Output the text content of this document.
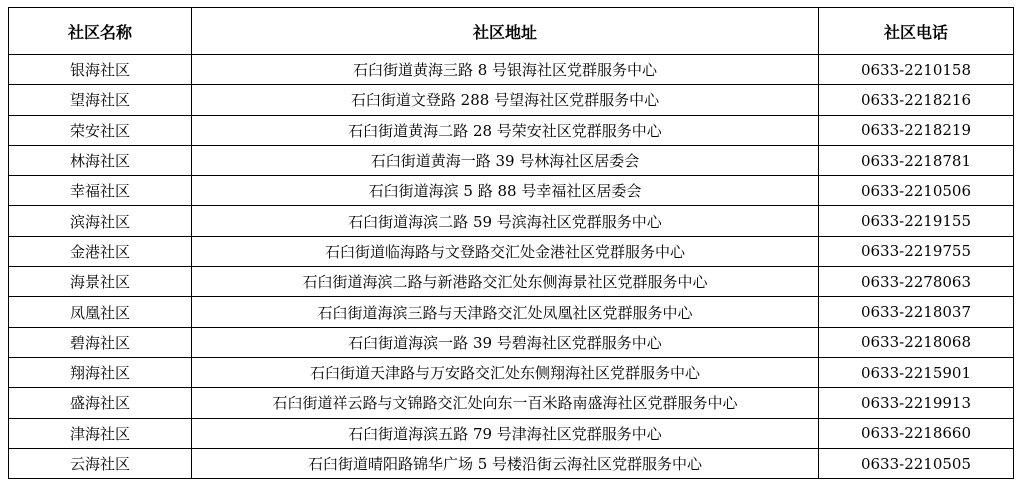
社区名称	社区地址	社区电话
银海社区	石臼街道黄海三路 8 号银海社区党群服务中心	0633-2210158
望海社区	石臼街道文登路 288 号望海社区党群服务中心	0633-2218216
荣安社区	石臼街道黄海二路 28 号荣安社区党群服务中心	0633-2218219
林海社区	石臼街道黄海一路 39 号林海社区居委会	0633-2218781
幸福社区	石臼街道海滨 5 路 88 号幸福社区居委会	0633-2210506
滨海社区	石臼街道海滨二路 59 号滨海社区党群服务中心	0633-2219155
金港社区	石臼街道临海路与文登路交汇处金港社区党群服务中心	0633-2219755
海景社区	石臼街道海滨二路与新港路交汇处东侧海景社区党群服务中心	0633-2278063
凤凰社区	石臼街道海滨三路与天津路交汇处凤凰社区党群服务中心	0633-2218037
碧海社区	石臼街道海滨一路 39 号碧海社区党群服务中心	0633-2218068
翔海社区	石臼街道天津路与万安路交汇处东侧翔海社区党群服务中心	0633-2215901
盛海社区	石臼街道祥云路与文锦路交汇处向东一百米路南盛海社区党群服务中心	0633-2219913
津海社区	石臼街道海滨五路 79 号津海社区党群服务中心	0633-2218660
云海社区	石臼街道晴阳路锦华广场 5 号楼沿街云海社区党群服务中心	0633-2210505
